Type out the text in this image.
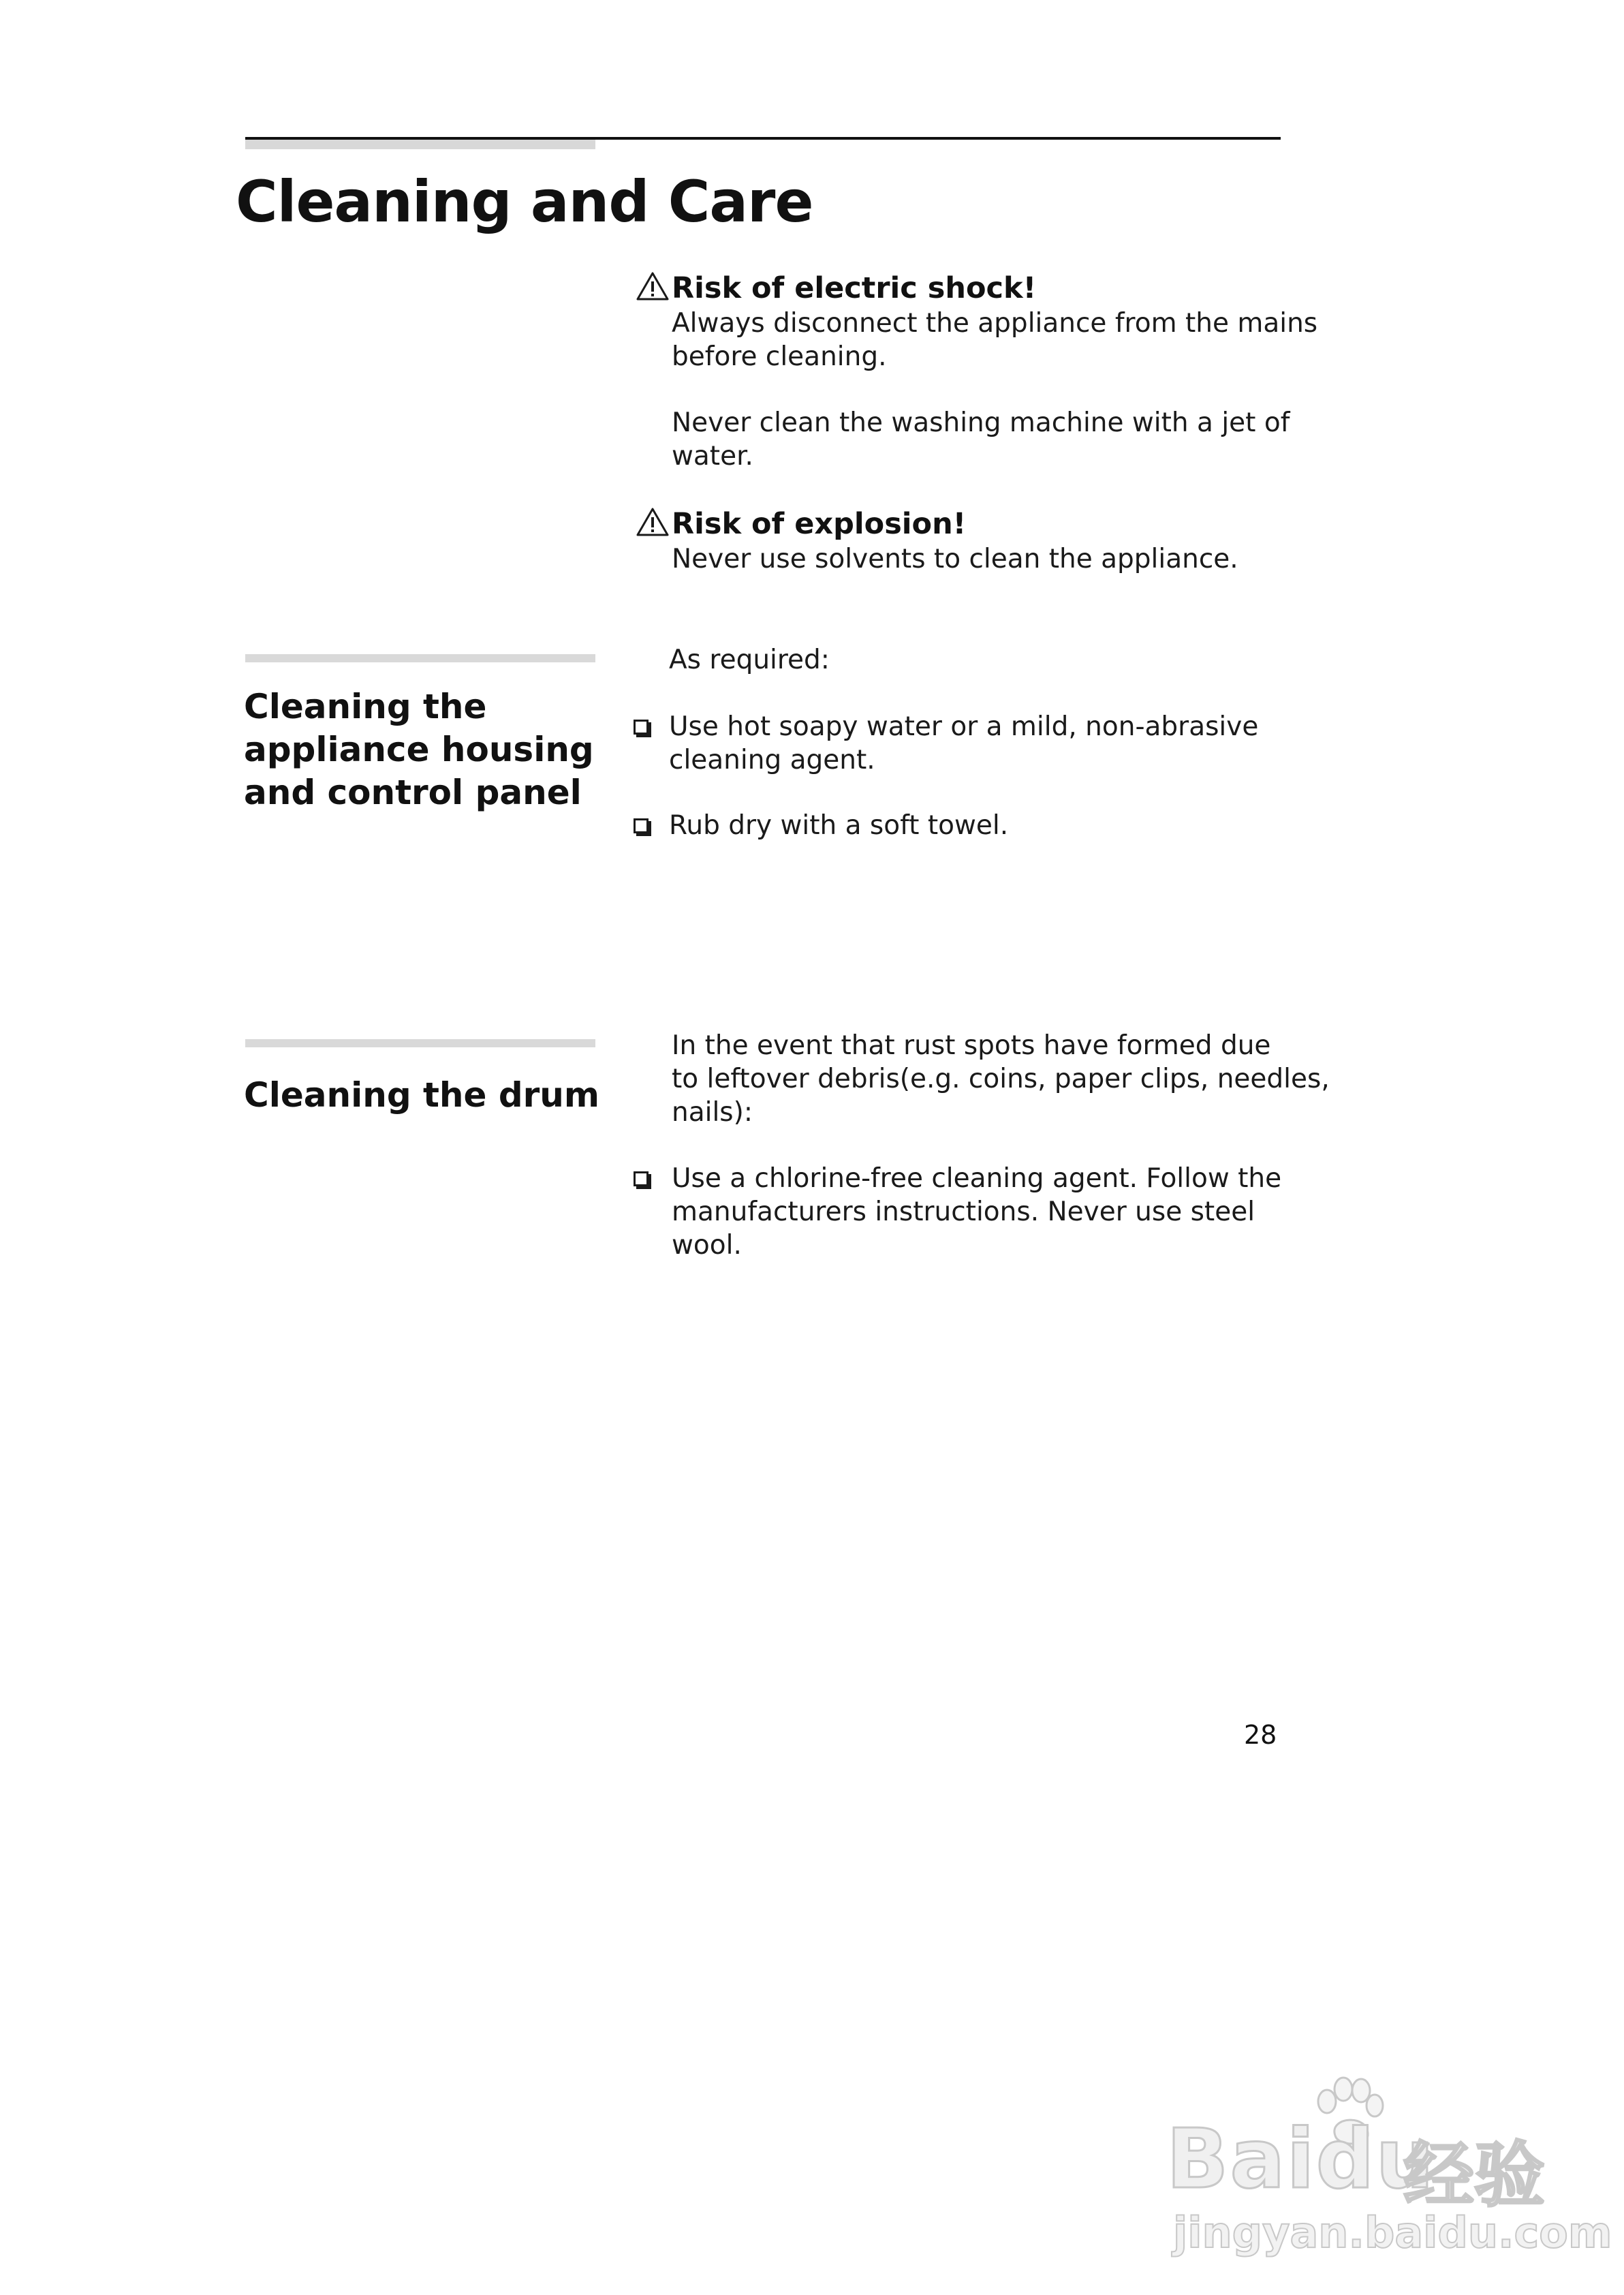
Cleaning and Care
Risk of electric shock!
Always disconnect the appliance from the mains
before cleaning.
Never clean the washing machine with a jet of
water.
Risk of explosion!
Never use solvents to clean the appliance.
Cleaning the
appliance housing
and control panel
As required:
Use hot soapy water or a mild, non-abrasive
cleaning agent.
Rub dry with a soft towel.
Cleaning the drum
In the event that rust spots have formed due
to leftover debris(e.g. coins, paper clips, needles,
nails):
Use a chlorine-free cleaning agent. Follow the
manufacturers instructions. Never use steel
wool.
28
Baidu
经验
jingyan.baidu.com
